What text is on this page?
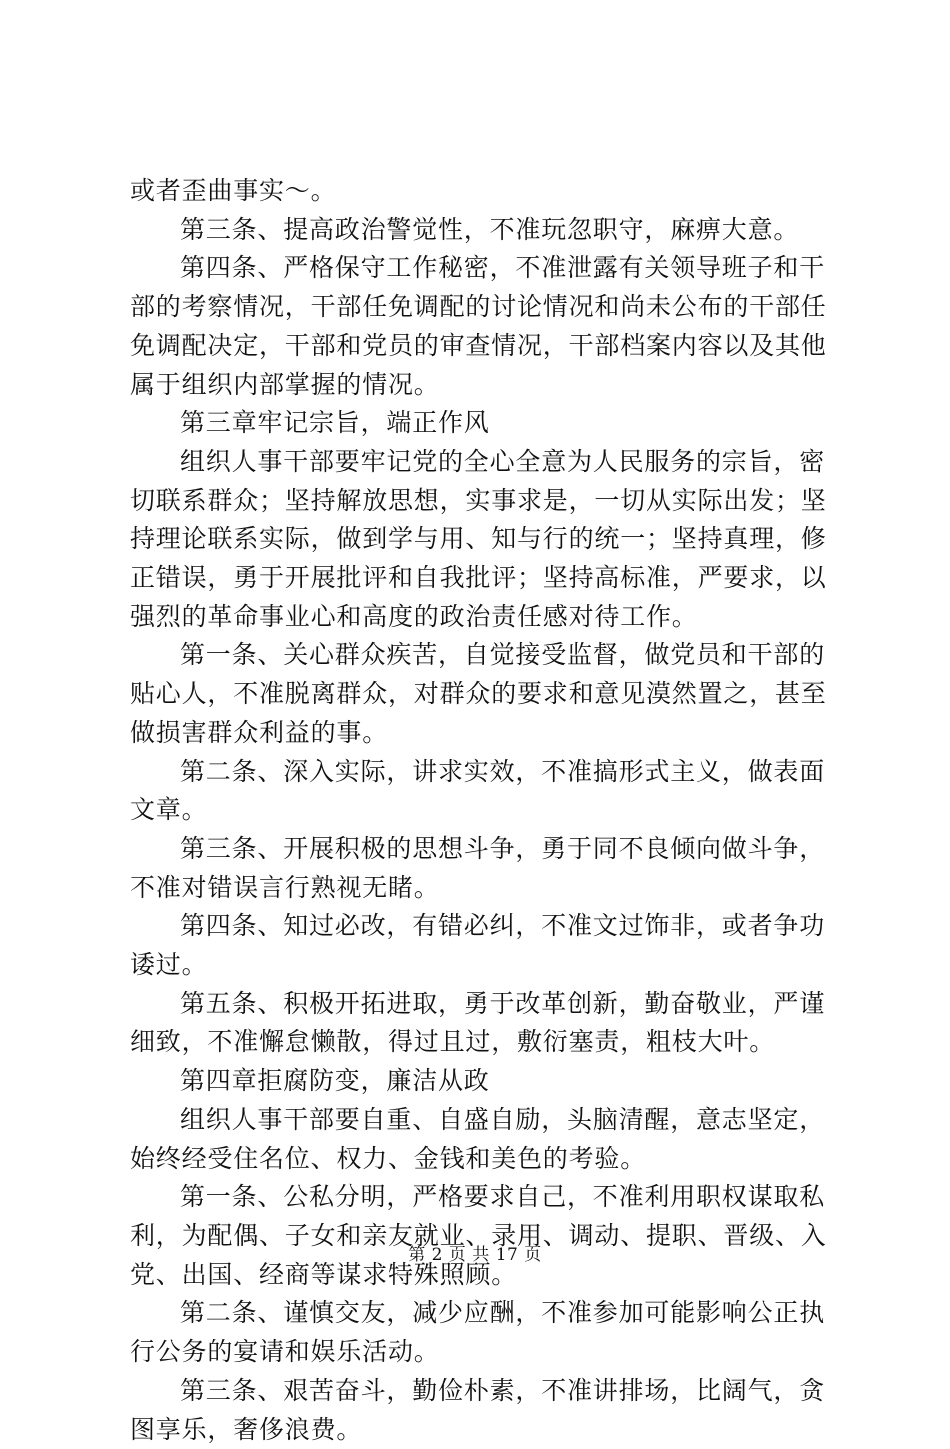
或者歪曲事实～。

第三条、提高政治警觉性，不准玩忽职守，麻痹大意。

第四条、严格保守工作秘密，不准泄露有关领导班子和干

部的考察情况，干部任免调配的讨论情况和尚未公布的干部任

免调配决定，干部和党员的审查情况，干部档案内容以及其他

属于组织内部掌握的情况。

第三章牢记宗旨，端正作风

组织人事干部要牢记党的全心全意为人民服务的宗旨，密

切联系群众；坚持解放思想，实事求是，一切从实际出发；坚

持理论联系实际，做到学与用、知与行的统一；坚持真理，修

正错误，勇于开展批评和自我批评；坚持高标准，严要求，以

强烈的革命事业心和高度的政治责任感对待工作。

第一条、关心群众疾苦，自觉接受监督，做党员和干部的

贴心人，不准脱离群众，对群众的要求和意见漠然置之，甚至

做损害群众利益的事。

第二条、深入实际，讲求实效，不准搞形式主义，做表面

文章。

第三条、开展积极的思想斗争，勇于同不良倾向做斗争，

不准对错误言行熟视无睹。

第四条、知过必改，有错必纠，不准文过饰非，或者争功

诿过。

第五条、积极开拓进取，勇于改革创新，勤奋敬业，严谨

细致，不准懈怠懒散，得过且过，敷衍塞责，粗枝大叶。

第四章拒腐防变，廉洁从政

组织人事干部要自重、自盛自励，头脑清醒，意志坚定，

始终经受住名位、权力、金钱和美色的考验。

第一条、公私分明，严格要求自己，不准利用职权谋取私

利，为配偶、子女和亲友就业、录用、调动、提职、晋级、入

党、出国、经商等谋求特殊照顾。

第二条、谨慎交友，减少应酬，不准参加可能影响公正执

行公务的宴请和娱乐活动。

第三条、艰苦奋斗，勤俭朴素，不准讲排场，比阔气，贪

图享乐，奢侈浪费。

第 2 页 共 17 页
